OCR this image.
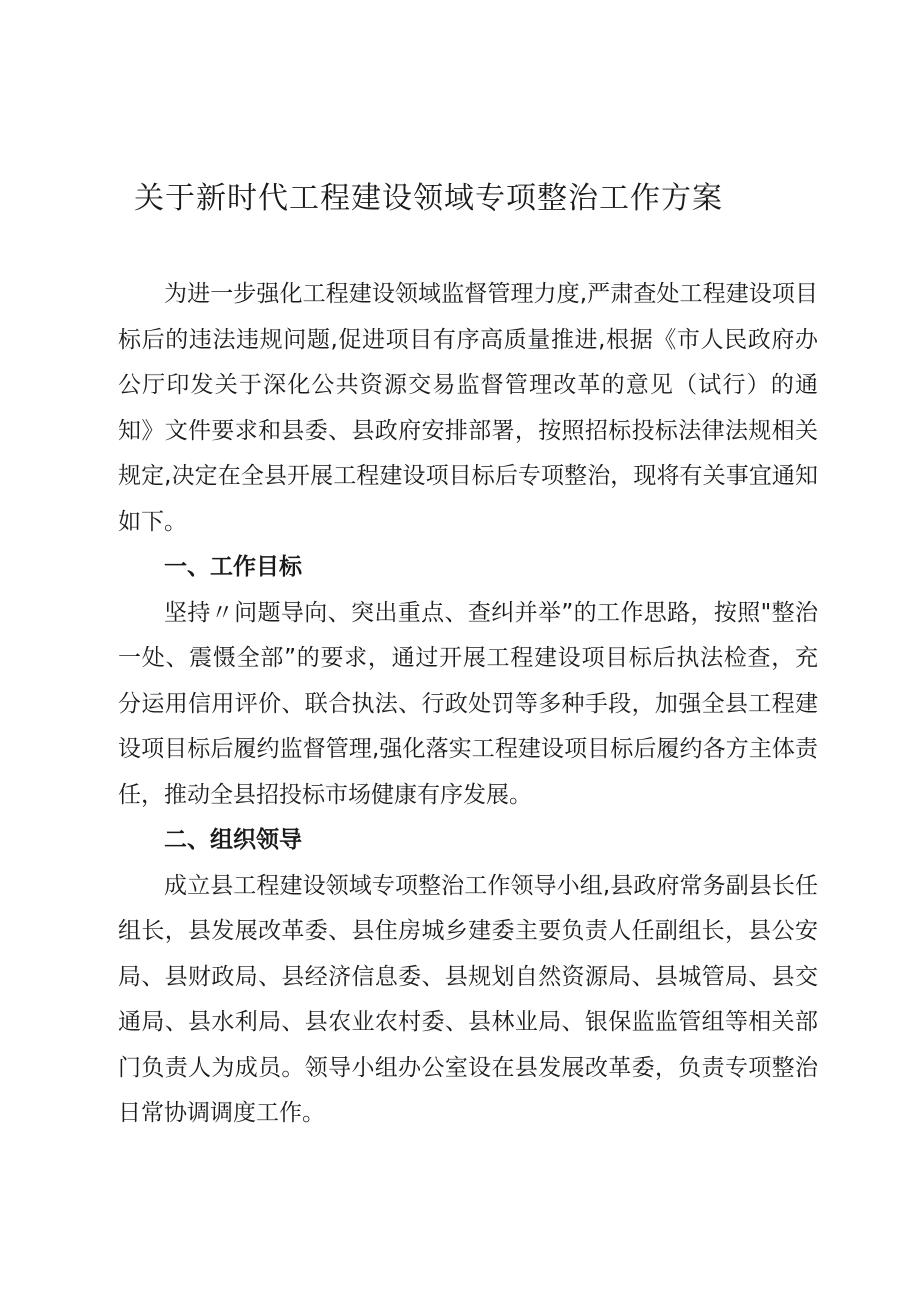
关于新时代工程建设领域专项整治工作方案

为进一步强化工程建设领域监督管理力度,严肃查处工程建设项目标后的违法违规问题,促进项目有序高质量推进,根据《市人民政府办公厅印发关于深化公共资源交易监督管理改革的意见（试行）的通知》文件要求和县委、县政府安排部署，按照招标投标法律法规相关规定,决定在全县开展工程建设项目标后专项整治，现将有关事宜通知如下。

一、工作目标

坚持〃问题导向、突出重点、查纠并举”的工作思路，按照"整治一处、震慑全部”的要求，通过开展工程建设项目标后执法检查，充分运用信用评价、联合执法、行政处罚等多种手段，加强全县工程建设项目标后履约监督管理,强化落实工程建设项目标后履约各方主体责任，推动全县招投标市场健康有序发展。

二、组织领导

成立县工程建设领域专项整治工作领导小组,县政府常务副县长任组长，县发展改革委、县住房城乡建委主要负责人任副组长，县公安局、县财政局、县经济信息委、县规划自然资源局、县城管局、县交通局、县水利局、县农业农村委、县林业局、银保监监管组等相关部门负责人为成员。领导小组办公室设在县发展改革委，负责专项整治日常协调调度工作。
